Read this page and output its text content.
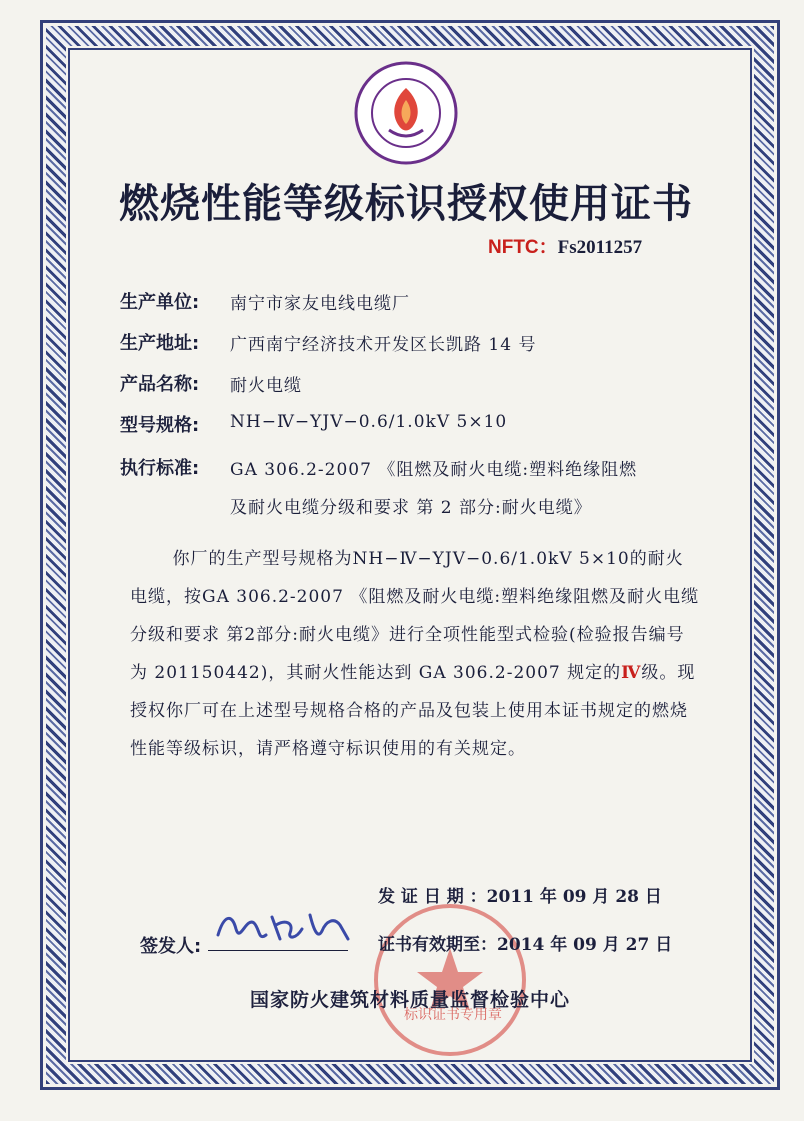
燃烧性能等级标识授权使用证书
NFTC：Fs2011257
生产单位: 南宁市家友电线电缆厂
生产地址: 广西南宁经济技术开发区长凯路 14 号
产品名称: 耐火电缆
型号规格: NH−Ⅳ−YJV−0.6/1.0kV 5×10
执行标准: GA 306.2-2007 《阻燃及耐火电缆:塑料绝缘阻燃
及耐火电缆分级和要求 第 2 部分:耐火电缆》
你厂的生产型号规格为NH−Ⅳ−YJV−0.6/1.0kV 5×10的耐火电缆，按GA 306.2-2007 《阻燃及耐火电缆:塑料绝缘阻燃及耐火电缆分级和要求 第2部分:耐火电缆》进行全项性能型式检验(检验报告编号为 201150442)，其耐火性能达到 GA 306.2-2007 规定的Ⅳ级。现授权你厂可在上述型号规格合格的产品及包装上使用本证书规定的燃烧性能等级标识，请严格遵守标识使用的有关规定。
发 证 日 期 ：2011 年 09 月 28 日
标识证书专用章
证书有效期至：2014 年 09 月 27 日
签发人:
国家防火建筑材料质量监督检验中心
